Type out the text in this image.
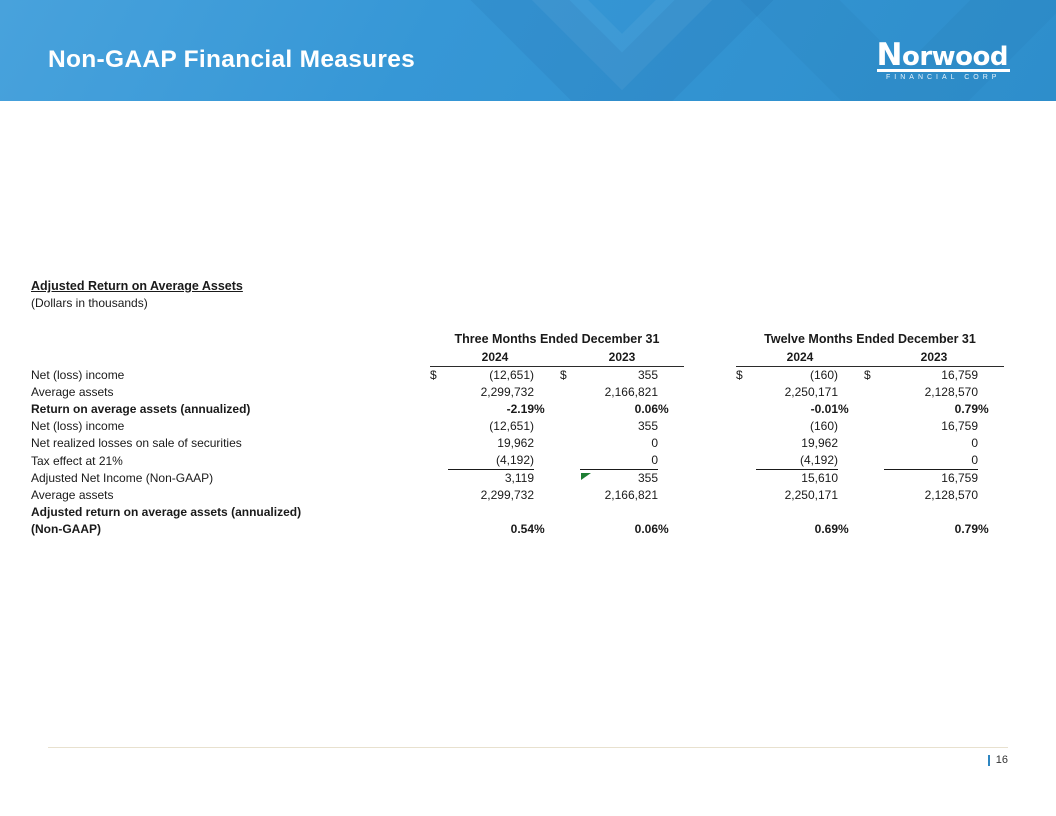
Non-GAAP Financial Measures	Norwood
FINANCIAL CORP
Adjusted Return on Average Assets
(Dollars in thousands)
	Three Months Ended December 31							Twelve Months Ended December 31					
	2024			2023				2024			2023		
Net (loss) income	$	(12,651)		$	355			$	(160)		$	16,759	
Average assets		2,299,732			2,166,821				2,250,171			2,128,570	
Return on average assets (annualized)		-2.19	%		0.06	%			-0.01	%		0.79	%
Net (loss) income		(12,651)			355				(160)			16,759	
Net realized losses on sale of securities		19,962			0				19,962			0	
Tax effect at 21%		(4,192)			0				(4,192)			0	
Adjusted Net Income (Non-GAAP)		3,119			355				15,610			16,759	
Average assets		2,299,732			2,166,821				2,250,171			2,128,570	
Adjusted return on average assets (annualized)													
(Non-GAAP)		0.54	%		0.06	%			0.69	%		0.79	%
16
